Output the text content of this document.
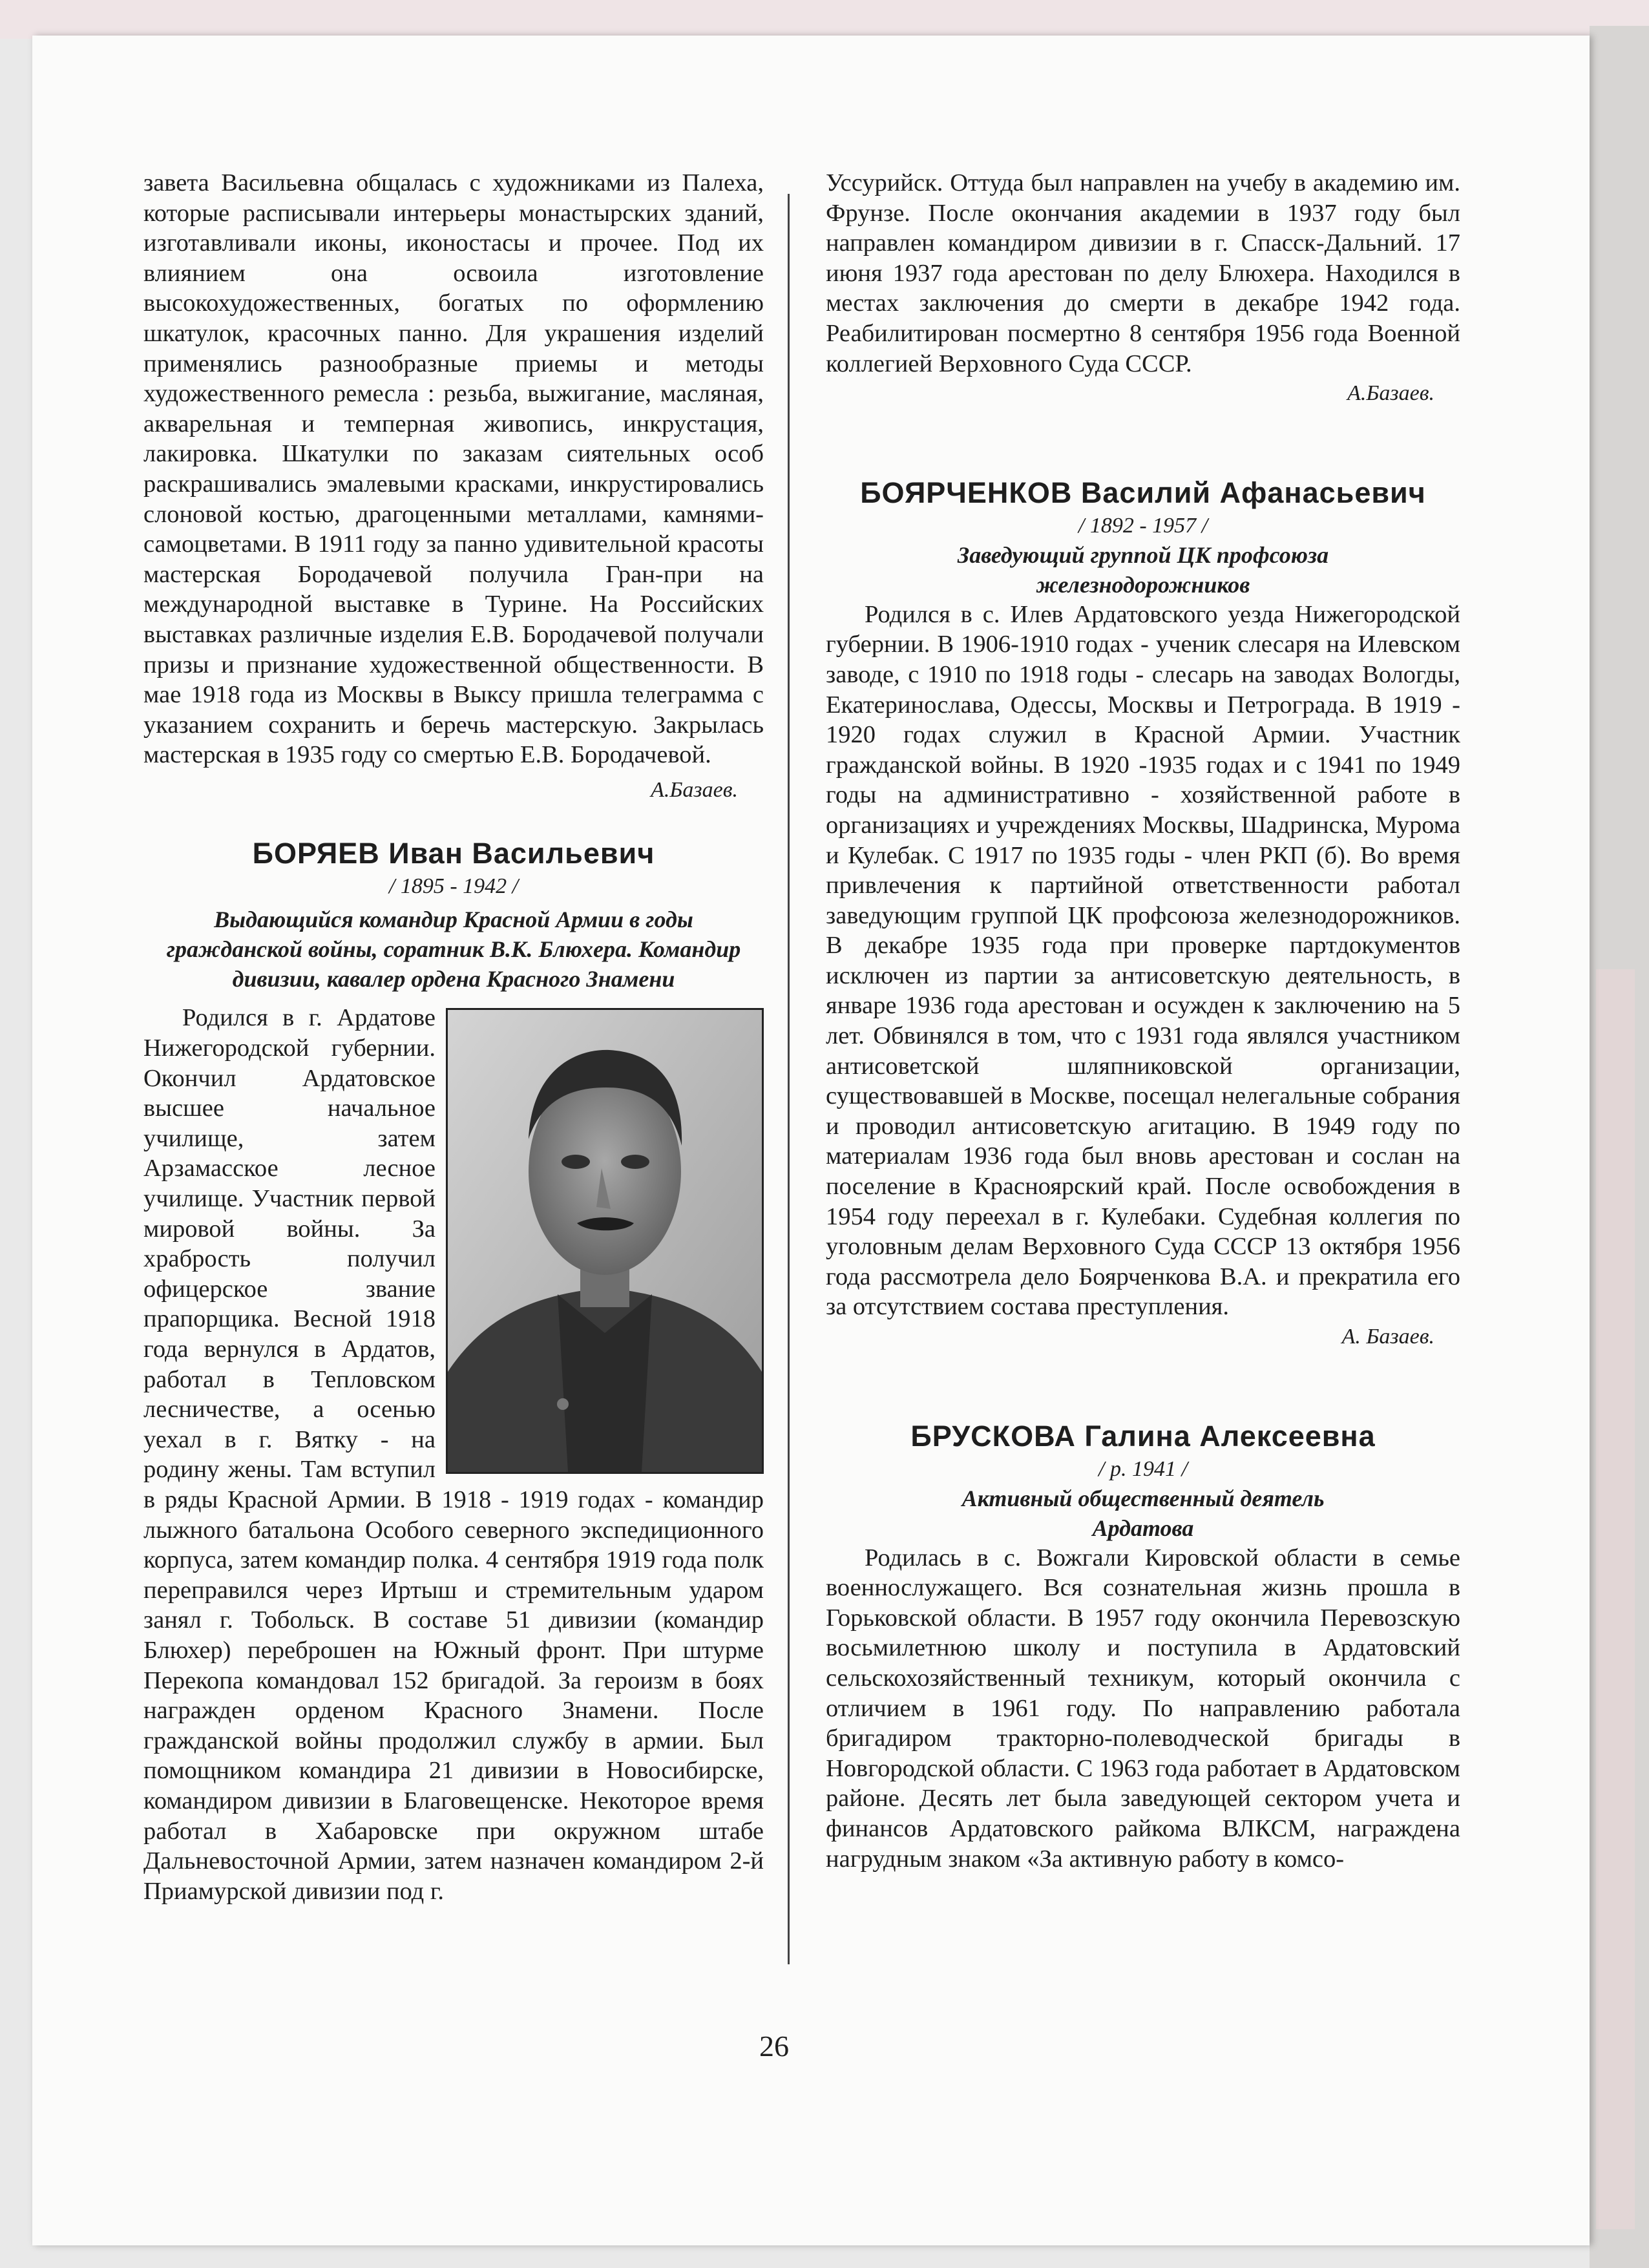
завета Васильевна общалась с художниками из Палеха, которые расписывали интерьеры монастырских зданий, изготавливали иконы, иконостасы и прочее. Под их влиянием она освоила изготовление высокохудожественных, богатых по оформлению шкатулок, красочных панно. Для украшения изделий применялись разнообразные приемы и методы художественного ремесла : резьба, выжигание, масляная, акварельная и темперная живопись, инкрустация, лакировка. Шкатулки по заказам сиятельных особ раскрашивались эмалевыми красками, инкрустировались слоновой костью, драгоценными металлами, камнями-самоцветами. В 1911 году за панно удивительной красоты мастерская Бородачевой получила Гран-при на международной выставке в Турине. На Российских выставках различные изделия Е.В. Бородачевой получали призы и признание художественной общественности. В мае 1918 года из Москвы в Выксу пришла телеграмма с указанием сохранить и беречь мастерскую. Закрылась мастерская в 1935 году со смертью Е.В. Бородачевой.

А.Базаев.

БОРЯЕВ Иван Васильевич
/ 1895 - 1942 /
Выдающийся командир Красной Армии в годы гражданской войны, соратник В.К. Блюхера. Командир дивизии, кавалер ордена Красного Знамени

Родился в г. Ардатове Нижегородской губернии. Окончил Ардатовское высшее начальное училище, затем Арзамасское лесное училище. Участник первой мировой войны. За храбрость получил офицерское звание прапорщика. Весной 1918 года вернулся в Ардатов, работал в Тепловском лесничестве, а осенью уехал в г. Вятку - на родину жены. Там вступил в ряды Красной Армии. В 1918 - 1919 годах - командир лыжного батальона Особого северного экспедиционного корпуса, затем командир полка. 4 сентября 1919 года полк переправился через Иртыш и стремительным ударом занял г. Тобольск. В составе 51 дивизии (командир Блюхер) переброшен на Южный фронт. При штурме Перекопа командовал 152 бригадой. За героизм в боях награжден орденом Красного Знамени. После гражданской войны продолжил службу в армии. Был помощником командира 21 дивизии в Новосибирске, командиром дивизии в Благовещенске. Некоторое время работал в Хабаровске при окружном штабе Дальневосточной Армии, затем назначен командиром 2-й Приамурской дивизии под г.

Уссурийск. Оттуда был направлен на учебу в академию им. Фрунзе. После окончания академии в 1937 году был направлен командиром дивизии в г. Спасск-Дальний. 17 июня 1937 года арестован по делу Блюхера. Находился в местах заключения до смерти в декабре 1942 года. Реабилитирован посмертно 8 сентября 1956 года Военной коллегией Верховного Суда СССР.

А.Базаев.

БОЯРЧЕНКОВ Василий Афанасьевич
/ 1892 - 1957 /
Заведующий группой ЦК профсоюза
железнодорожников

Родился в с. Илев Ардатовского уезда Нижегородской губернии. В 1906-1910 годах - ученик слесаря на Илевском заводе, с 1910 по 1918 годы - слесарь на заводах Вологды, Екатеринослава, Одессы, Москвы и Петрограда. В 1919 - 1920 годах служил в Красной Армии. Участник гражданской войны. В 1920 -1935 годах и с 1941 по 1949 годы на административно - хозяйственной работе в организациях и учреждениях Москвы, Шадринска, Мурома и Кулебак. С 1917 по 1935 годы - член РКП (б). Во время привлечения к партийной ответственности работал заведующим группой ЦК профсоюза железнодорожников. В декабре 1935 года при проверке партдокументов исключен из партии за антисоветскую деятельность, в январе 1936 года арестован и осужден к заключению на 5 лет. Обвинялся в том, что с 1931 года являлся участником антисоветской шляпниковской организации, существовавшей в Москве, посещал нелегальные собрания и проводил антисоветскую агитацию. В 1949 году по материалам 1936 года был вновь арестован и сослан на поселение в Красноярский край. После освобождения в 1954 году переехал в г. Кулебаки. Судебная коллегия по уголовным делам Верховного Суда СССР 13 октября 1956 года рассмотрела дело Боярченкова В.А. и прекратила его за отсутствием состава преступления.

А. Базаев.

БРУСКОВА Галина Алексеевна
/ р. 1941 /
Активный общественный деятель
Ардатова

Родилась в с. Вожгали Кировской области в семье военнослужащего. Вся сознательная жизнь прошла в Горьковской области. В 1957 году окончила Перевозскую восьмилетнюю школу и поступила в Ардатовский сельскохозяйственный техникум, который окончила с отличием в 1961 году. По направлению работала бригадиром тракторно-полеводческой бригады в Новгородской области. С 1963 года работает в Ардатовском районе. Десять лет была заведующей сектором учета и финансов Ардатовского райкома ВЛКСМ, награждена нагрудным знаком «За активную работу в комсо-

26
